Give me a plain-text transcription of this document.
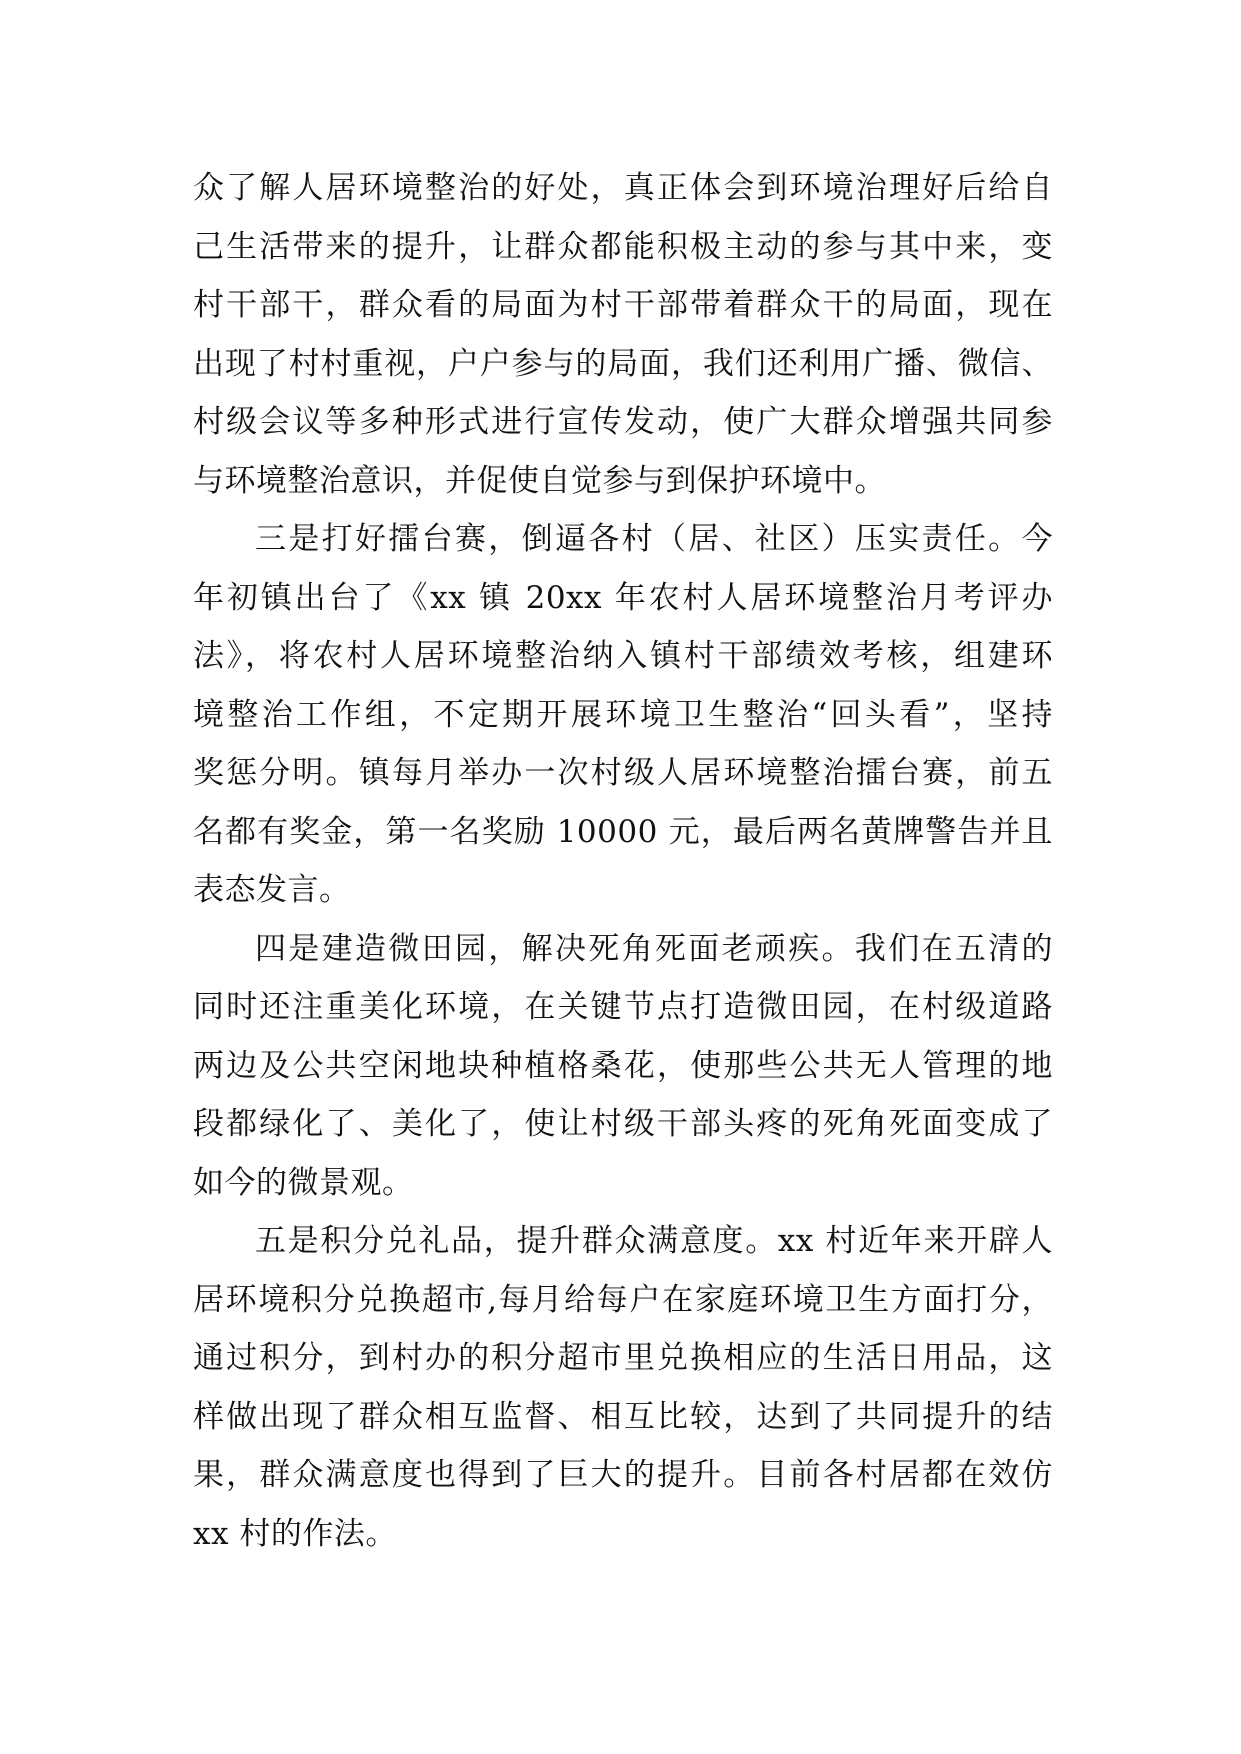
众了解人居环境整治的好处，真正体会到环境治理好后给自
己生活带来的提升，让群众都能积极主动的参与其中来，变
村干部干，群众看的局面为村干部带着群众干的局面，现在
出现了村村重视，户户参与的局面，我们还利用广播、微信、
村级会议等多种形式进行宣传发动，使广大群众增强共同参
与环境整治意识，并促使自觉参与到保护环境中。
三是打好擂台赛，倒逼各村（居、社区）压实责任。今
年初镇出台了《xx 镇 20xx 年农村人居环境整治月考评办
法》，将农村人居环境整治纳入镇村干部绩效考核，组建环
境整治工作组，不定期开展环境卫生整治“回头看”，坚持
奖惩分明。镇每月举办一次村级人居环境整治擂台赛，前五
名都有奖金，第一名奖励 10000 元，最后两名黄牌警告并且
表态发言。
四是建造微田园，解决死角死面老顽疾。我们在五清的
同时还注重美化环境，在关键节点打造微田园，在村级道路
两边及公共空闲地块种植格桑花，使那些公共无人管理的地
段都绿化了、美化了，使让村级干部头疼的死角死面变成了
如今的微景观。
五是积分兑礼品，提升群众满意度。xx 村近年来开辟人
居环境积分兑换超市,每月给每户在家庭环境卫生方面打分，
通过积分，到村办的积分超市里兑换相应的生活日用品，这
样做出现了群众相互监督、相互比较，达到了共同提升的结
果，群众满意度也得到了巨大的提升。目前各村居都在效仿
xx 村的作法。
